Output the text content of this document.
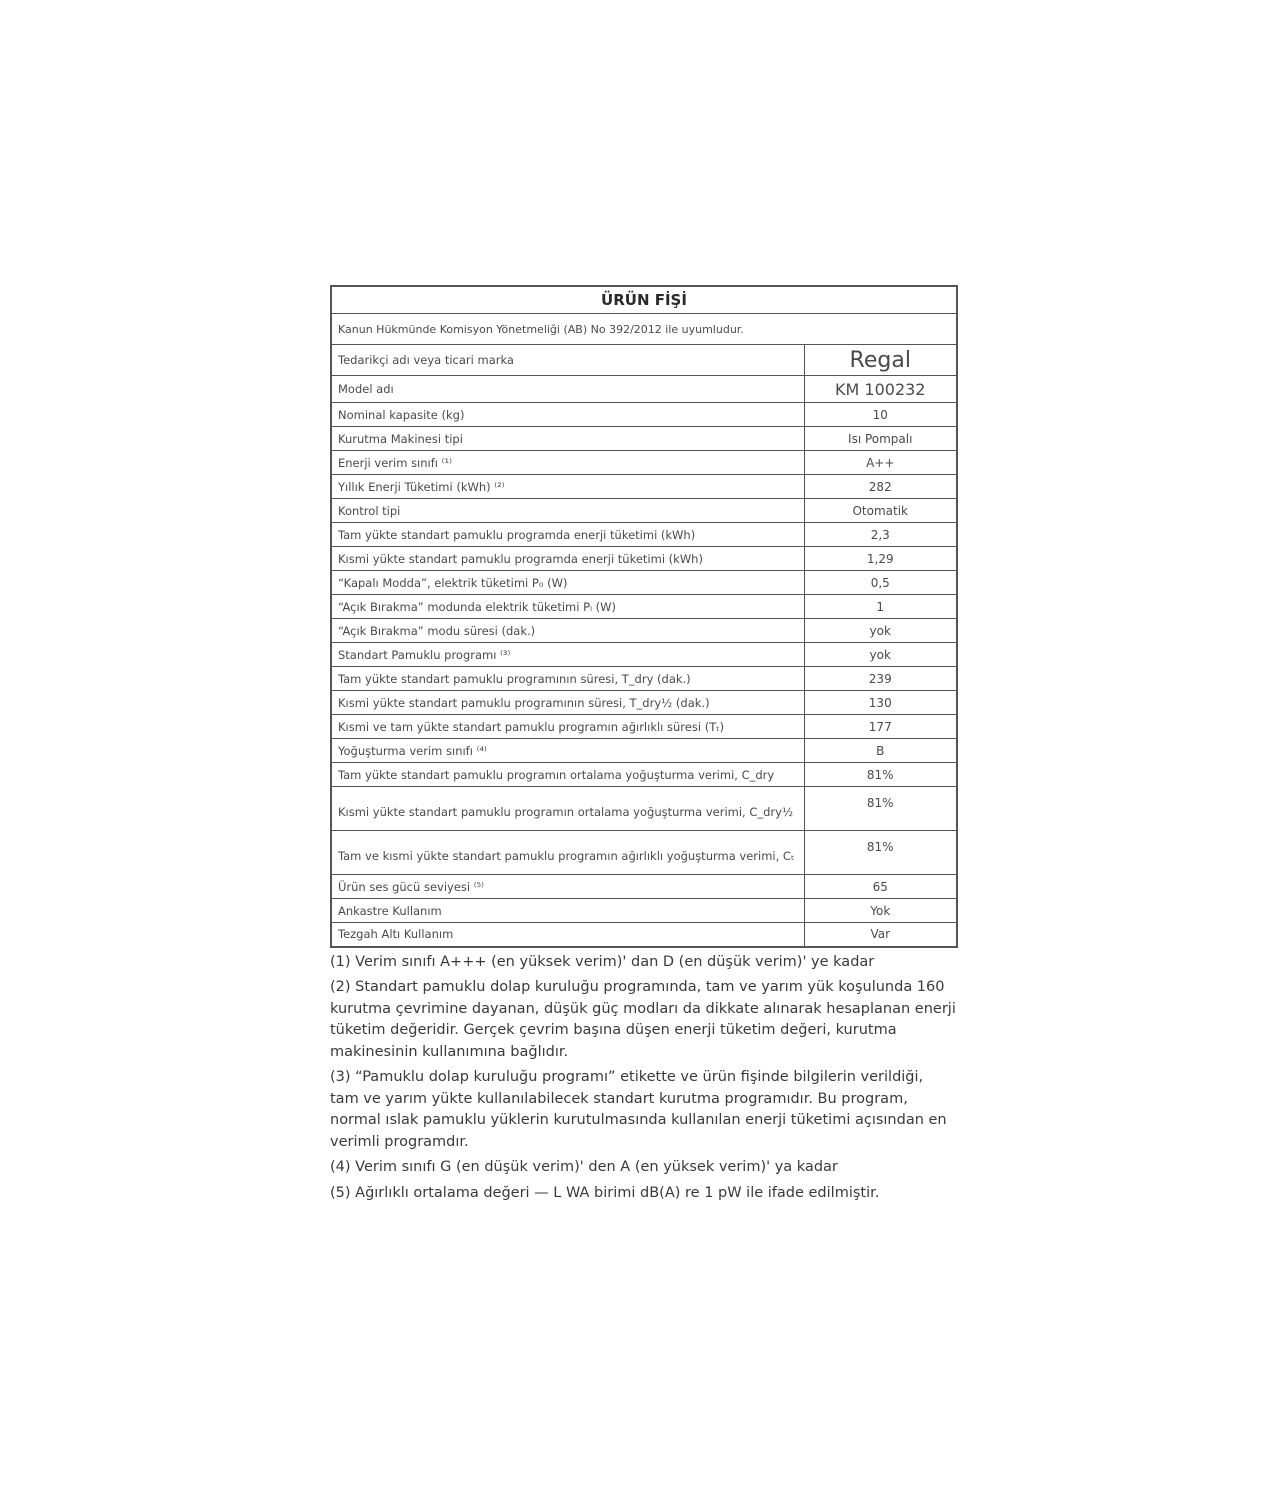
ÜRÜN FİŞİ	
Kanun Hükmünde Komisyon Yönetmeliği (AB) No 392/2012 ile uyumludur.	
Tedarikçi adı veya ticari marka	Regal
Model adı	KM 100232
Nominal kapasite (kg)	10
Kurutma Makinesi tipi	Isı Pompalı
Enerji verim sınıfı ⁽¹⁾	A++
Yıllık Enerji Tüketimi (kWh) ⁽²⁾	282
Kontrol tipi	Otomatik
Tam yükte standart pamuklu programda enerji tüketimi (kWh)	2,3
Kısmi yükte standart pamuklu programda enerji tüketimi (kWh)	1,29
“Kapalı Modda”, elektrik tüketimi P₀ (W)	0,5
“Açık Bırakma” modunda elektrik tüketimi Pₗ (W)	1
“Açık Bırakma” modu süresi (dak.)	yok
Standart Pamuklu programı ⁽³⁾	yok
Tam yükte standart pamuklu programının süresi, T_dry (dak.)	239
Kısmi yükte standart pamuklu programının süresi, T_dry½ (dak.)	130
Kısmi ve tam yükte standart pamuklu programın ağırlıklı süresi (Tₜ)	177
Yoğuşturma verim sınıfı ⁽⁴⁾	B
Tam yükte standart pamuklu programın ortalama yoğuşturma verimi, C_dry	81%
Kısmi yükte standart pamuklu programın ortalama yoğuşturma verimi, C_dry½	81%
Tam ve kısmi yükte standart pamuklu programın ağırlıklı yoğuşturma verimi, Cₜ	81%
Ürün ses gücü seviyesi ⁽⁵⁾	65
Ankastre Kullanım	Yok
Tezgah Altı Kullanım	Var

(1) Verim sınıfı A+++ (en yüksek verim)' dan D (en düşük verim)' ye kadar

(2) Standart pamuklu dolap kuruluğu programında, tam ve yarım yük koşulunda 160 kurutma çevrimine dayanan, düşük güç modları da dikkate alınarak hesaplanan enerji tüketim değeridir. Gerçek çevrim başına düşen enerji tüketim değeri, kurutma makinesinin kullanımına bağlıdır.

(3) “Pamuklu dolap kuruluğu programı” etikette ve ürün fişinde bilgilerin verildiği, tam ve yarım yükte kullanılabilecek standart kurutma programıdır. Bu program, normal ıslak pamuklu yüklerin kurutulmasında kullanılan enerji tüketimi açısından en verimli programdır.

(4) Verim sınıfı G (en düşük verim)' den A (en yüksek verim)' ya kadar

(5) Ağırlıklı ortalama değeri — L WA birimi dB(A) re 1 pW ile ifade edilmiştir.
